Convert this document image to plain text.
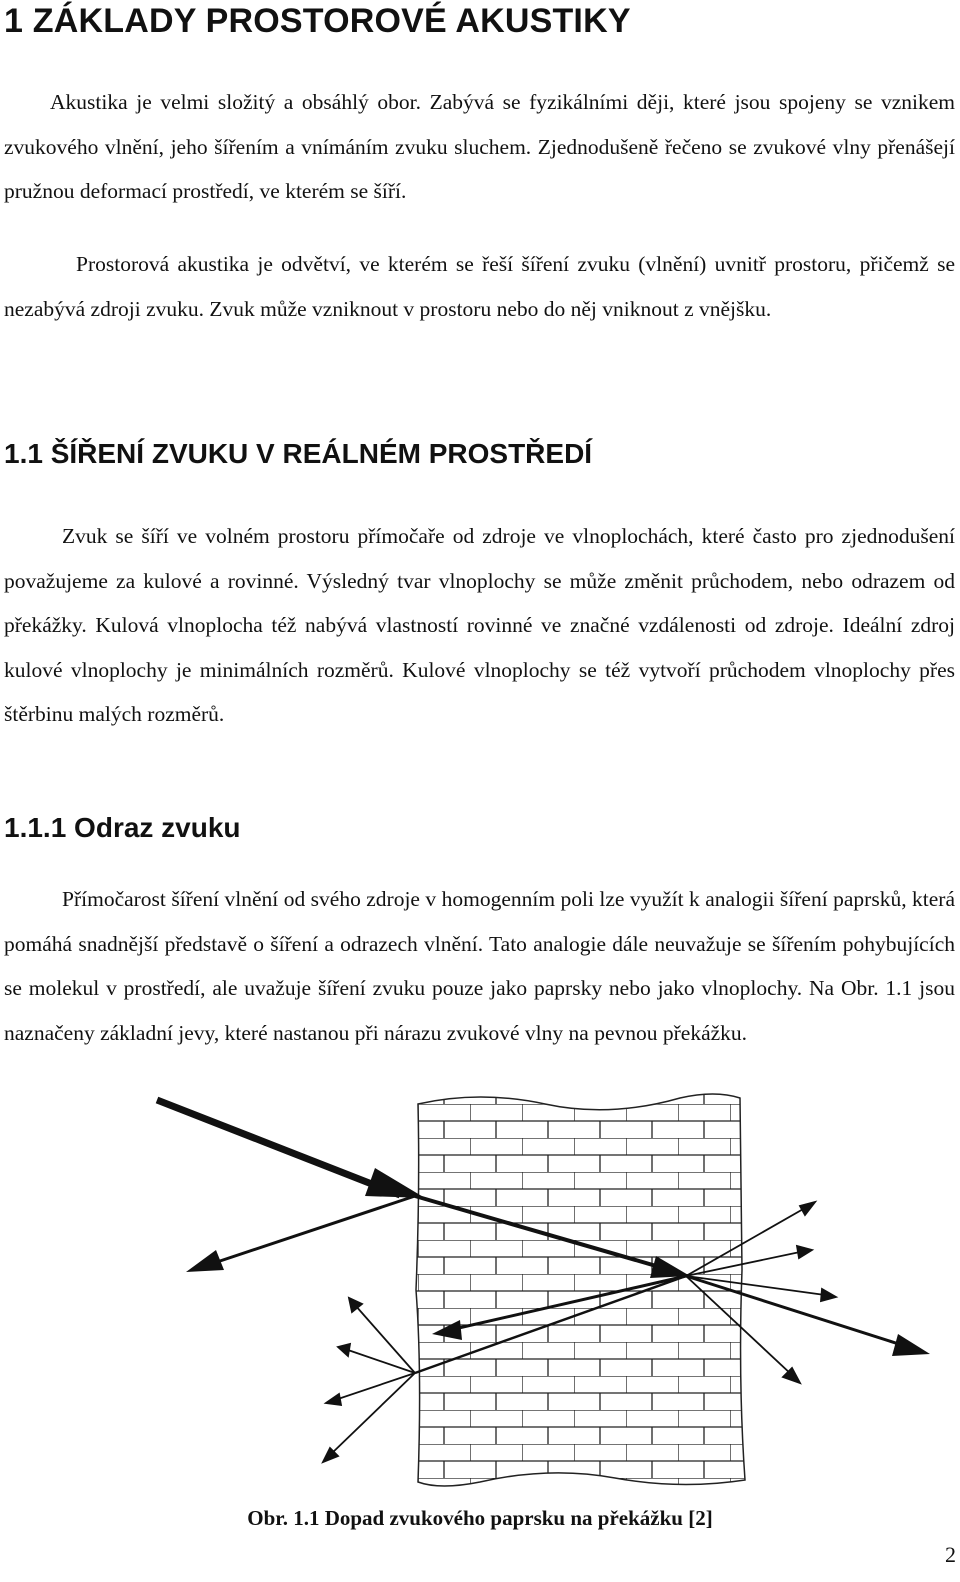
1 ZÁKLADY PROSTOROVÉ AKUSTIKY
Akustika je velmi složitý a obsáhlý obor. Zabývá se fyzikálními ději, které jsou spojeny se vznikem zvukového vlnění, jeho šířením a vnímáním zvuku sluchem. Zjednodušeně řečeno se zvukové vlny přenášejí pružnou deformací prostředí, ve kterém se šíří.
Prostorová akustika je odvětví, ve kterém se řeší šíření zvuku (vlnění) uvnitř prostoru, přičemž se nezabývá zdroji zvuku. Zvuk může vzniknout v prostoru nebo do něj vniknout z vnějšku.
1.1 ŠÍŘENÍ ZVUKU V REÁLNÉM PROSTŘEDÍ
Zvuk se šíří ve volném prostoru přímočaře od zdroje ve vlnoplochách, které často pro zjednodušení považujeme za kulové a rovinné. Výsledný tvar vlnoplochy se může změnit průchodem, nebo odrazem od překážky. Kulová vlnoplocha též nabývá vlastností rovinné ve značné vzdálenosti od zdroje. Ideální zdroj kulové vlnoplochy je minimálních rozměrů. Kulové vlnoplochy se též vytvoří průchodem vlnoplochy přes štěrbinu malých rozměrů.
1.1.1 Odraz zvuku
Přímočarost šíření vlnění od svého zdroje v homogenním poli lze využít k analogii šíření paprsků, která pomáhá snadnější představě o šíření a odrazech vlnění. Tato analogie dále neuvažuje se šířením pohybujících se molekul v prostředí, ale uvažuje šíření zvuku pouze jako paprsky nebo jako vlnoplochy. Na Obr. 1.1 jsou naznačeny základní jevy, které nastanou při nárazu zvukové vlny na pevnou překážku.
Obr. 1.1 Dopad zvukového paprsku na překážku [2]
2
